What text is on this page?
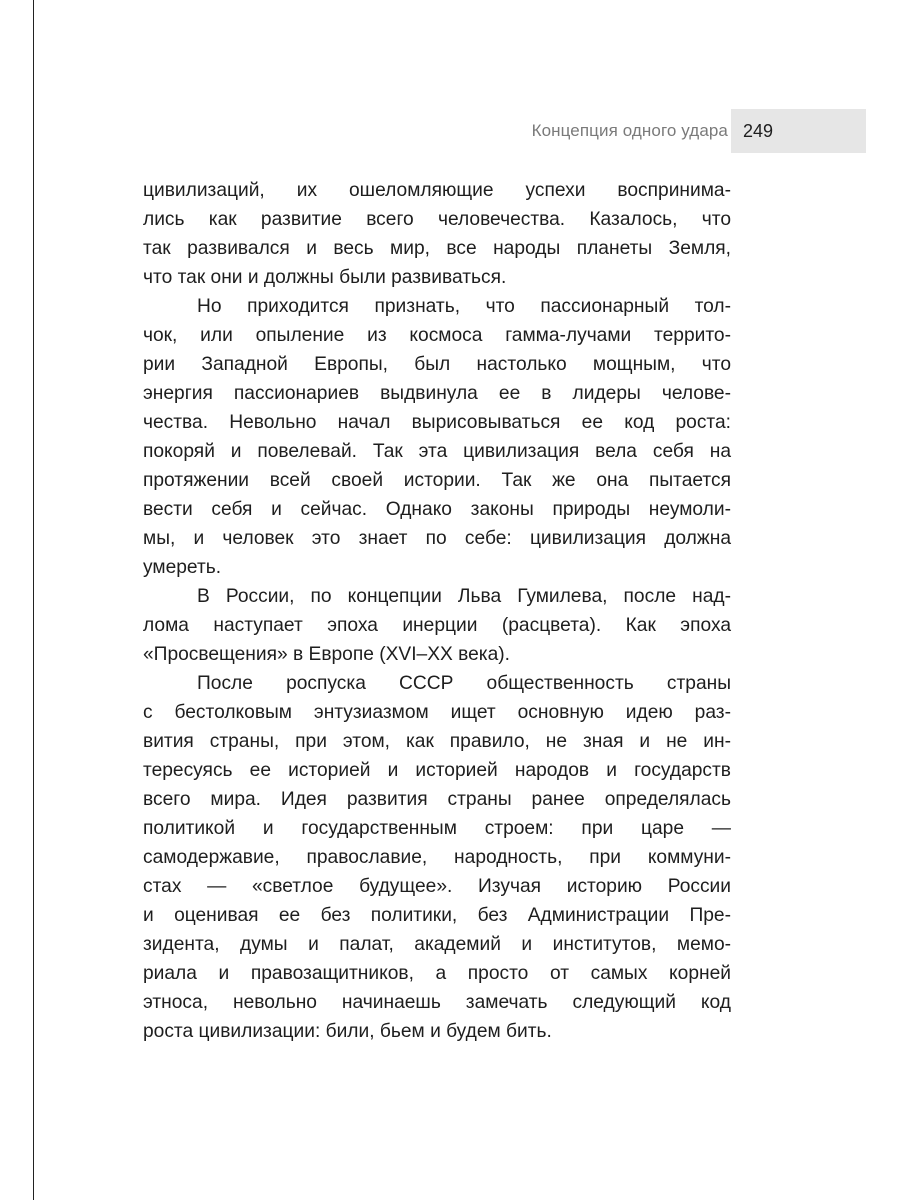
Концепция одного удара 249
цивилизаций, их ошеломляющие успехи воспринима-
лись как развитие всего человечества. Казалось, что
так развивался и весь мир, все народы планеты Земля,
что так они и должны были развиваться.
Но приходится признать, что пассионарный тол-
чок, или опыление из космоса гамма-лучами террито-
рии Западной Европы, был настолько мощным, что
энергия пассионариев выдвинула ее в лидеры челове-
чества. Невольно начал вырисовываться ее код роста:
покоряй и повелевай. Так эта цивилизация вела себя на
протяжении всей своей истории. Так же она пытается
вести себя и сейчас. Однако законы природы неумоли-
мы, и человек это знает по себе: цивилизация должна
умереть.
В России, по концепции Льва Гумилева, после над-
лома наступает эпоха инерции (расцвета). Как эпоха
«Просвещения» в Европе (XVI–XX века).
После роспуска СССР общественность страны
с бестолковым энтузиазмом ищет основную идею раз-
вития страны, при этом, как правило, не зная и не ин-
тересуясь ее историей и историей народов и государств
всего мира. Идея развития страны ранее определялась
политикой и государственным строем: при царе —
самодержавие, православие, народность, при коммуни-
стах — «светлое будущее». Изучая историю России
и оценивая ее без политики, без Администрации Пре-
зидента, думы и палат, академий и институтов, мемо-
риала и правозащитников, а просто от самых корней
этноса, невольно начинаешь замечать следующий код
роста цивилизации: били, бьем и будем бить.
